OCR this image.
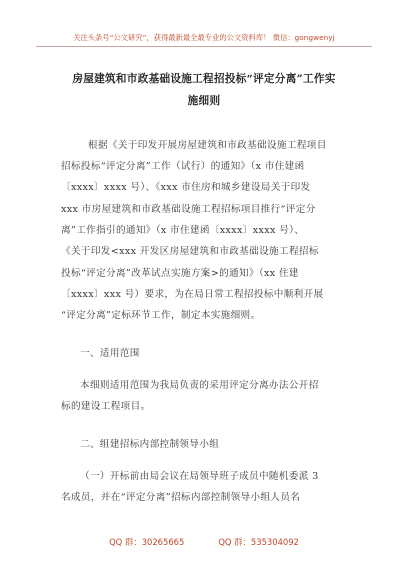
关注头条号“公文研究”，获得最新最全最专业的公文资料库！ 微信：gongwenyj
房屋建筑和市政基础设施工程招投标“评定分离”工作实
施细则
根据《关于印发开展房屋建筑和市政基础设施工程项目
招标投标“评定分离”工作（试行）的通知》（x 市住建函
〔xxxx〕xxxx 号）、《xxx 市住房和城乡建设局关于印发
xxx 市房屋建筑和市政基础设施工程招标项目推行“评定分
离”工作指引的通知》（x 市住建函〔xxxx〕xxxx 号）、
《关于印发<xxx 开发区房屋建筑和市政基础设施工程招标
投标“评定分离”改革试点实施方案>的通知》（xx 住建
〔xxxx〕xxx 号）要求，为在局日常工程招投标中顺利开展
“评定分离”定标环节工作，制定本实施细则。
一、适用范围
本细则适用范围为我局负责的采用评定分离办法公开招
标的建设工程项目。
二、组建招标内部控制领导小组
（一）开标前由局会议在局领导班子成员中随机委派 3
名成员，并在“评定分离”招标内部控制领导小组人员名
QQ 群：30265665	QQ 群：535304092
